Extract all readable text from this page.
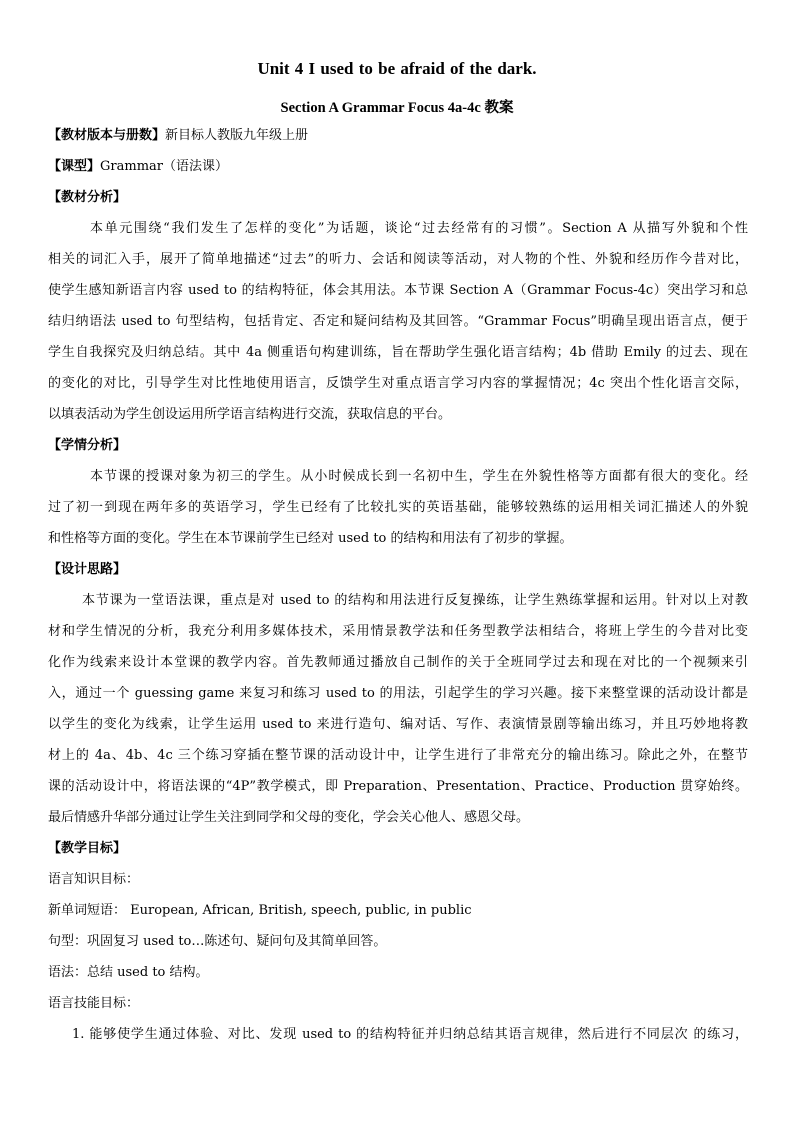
Unit 4 I used to be afraid of the dark.
Section A Grammar Focus 4a-4c 教案
【教材版本与册数】新目标人教版九年级上册
【课型】Grammar（语法课）
【教材分析】
本单元围绕“我们发生了怎样的变化”为话题，谈论“过去经常有的习惯”。Section A 从描写外貌和个性
相关的词汇入手，展开了简单地描述“过去”的听力、会话和阅读等活动，对人物的个性、外貌和经历作今昔对比，
使学生感知新语言内容 used to 的结构特征，体会其用法。本节课 Section A（Grammar Focus-4c）突出学习和总
结归纳语法 used to 句型结构，包括肯定、否定和疑问结构及其回答。“Grammar Focus”明确呈现出语言点，便于
学生自我探究及归纳总结。其中 4a 侧重语句构建训练，旨在帮助学生强化语言结构；4b 借助 Emily 的过去、现在
的变化的对比，引导学生对比性地使用语言，反馈学生对重点语言学习内容的掌握情况；4c 突出个性化语言交际，
以填表活动为学生创设运用所学语言结构进行交流，获取信息的平台。
【学情分析】
本节课的授课对象为初三的学生。从小时候成长到一名初中生，学生在外貌性格等方面都有很大的变化。经
过了初一到现在两年多的英语学习，学生已经有了比较扎实的英语基础，能够较熟练的运用相关词汇描述人的外貌
和性格等方面的变化。学生在本节课前学生已经对 used to 的结构和用法有了初步的掌握。
【设计思路】
本节课为一堂语法课，重点是对 used to 的结构和用法进行反复操练，让学生熟练掌握和运用。针对以上对教
材和学生情况的分析，我充分利用多媒体技术，采用情景教学法和任务型教学法相结合，将班上学生的今昔对比变
化作为线索来设计本堂课的教学内容。首先教师通过播放自己制作的关于全班同学过去和现在对比的一个视频来引
入，通过一个 guessing game 来复习和练习 used to 的用法，引起学生的学习兴趣。接下来整堂课的活动设计都是
以学生的变化为线索，让学生运用 used to 来进行造句、编对话、写作、表演情景剧等输出练习，并且巧妙地将教
材上的 4a、4b、4c 三个练习穿插在整节课的活动设计中，让学生进行了非常充分的输出练习。除此之外，在整节
课的活动设计中，将语法课的“4P”教学模式，即 Preparation、Presentation、Practice、Production 贯穿始终。
最后情感升华部分通过让学生关注到同学和父母的变化，学会关心他人、感恩父母。
【教学目标】
语言知识目标：
新单词短语： European, African, British, speech, public, in public
句型：巩固复习 used to…陈述句、疑问句及其简单回答。
语法：总结 used to 结构。
语言技能目标：
1. 能够使学生通过体验、对比、发现 used to 的结构特征并归纳总结其语言规律，然后进行不同层次 的练习，
